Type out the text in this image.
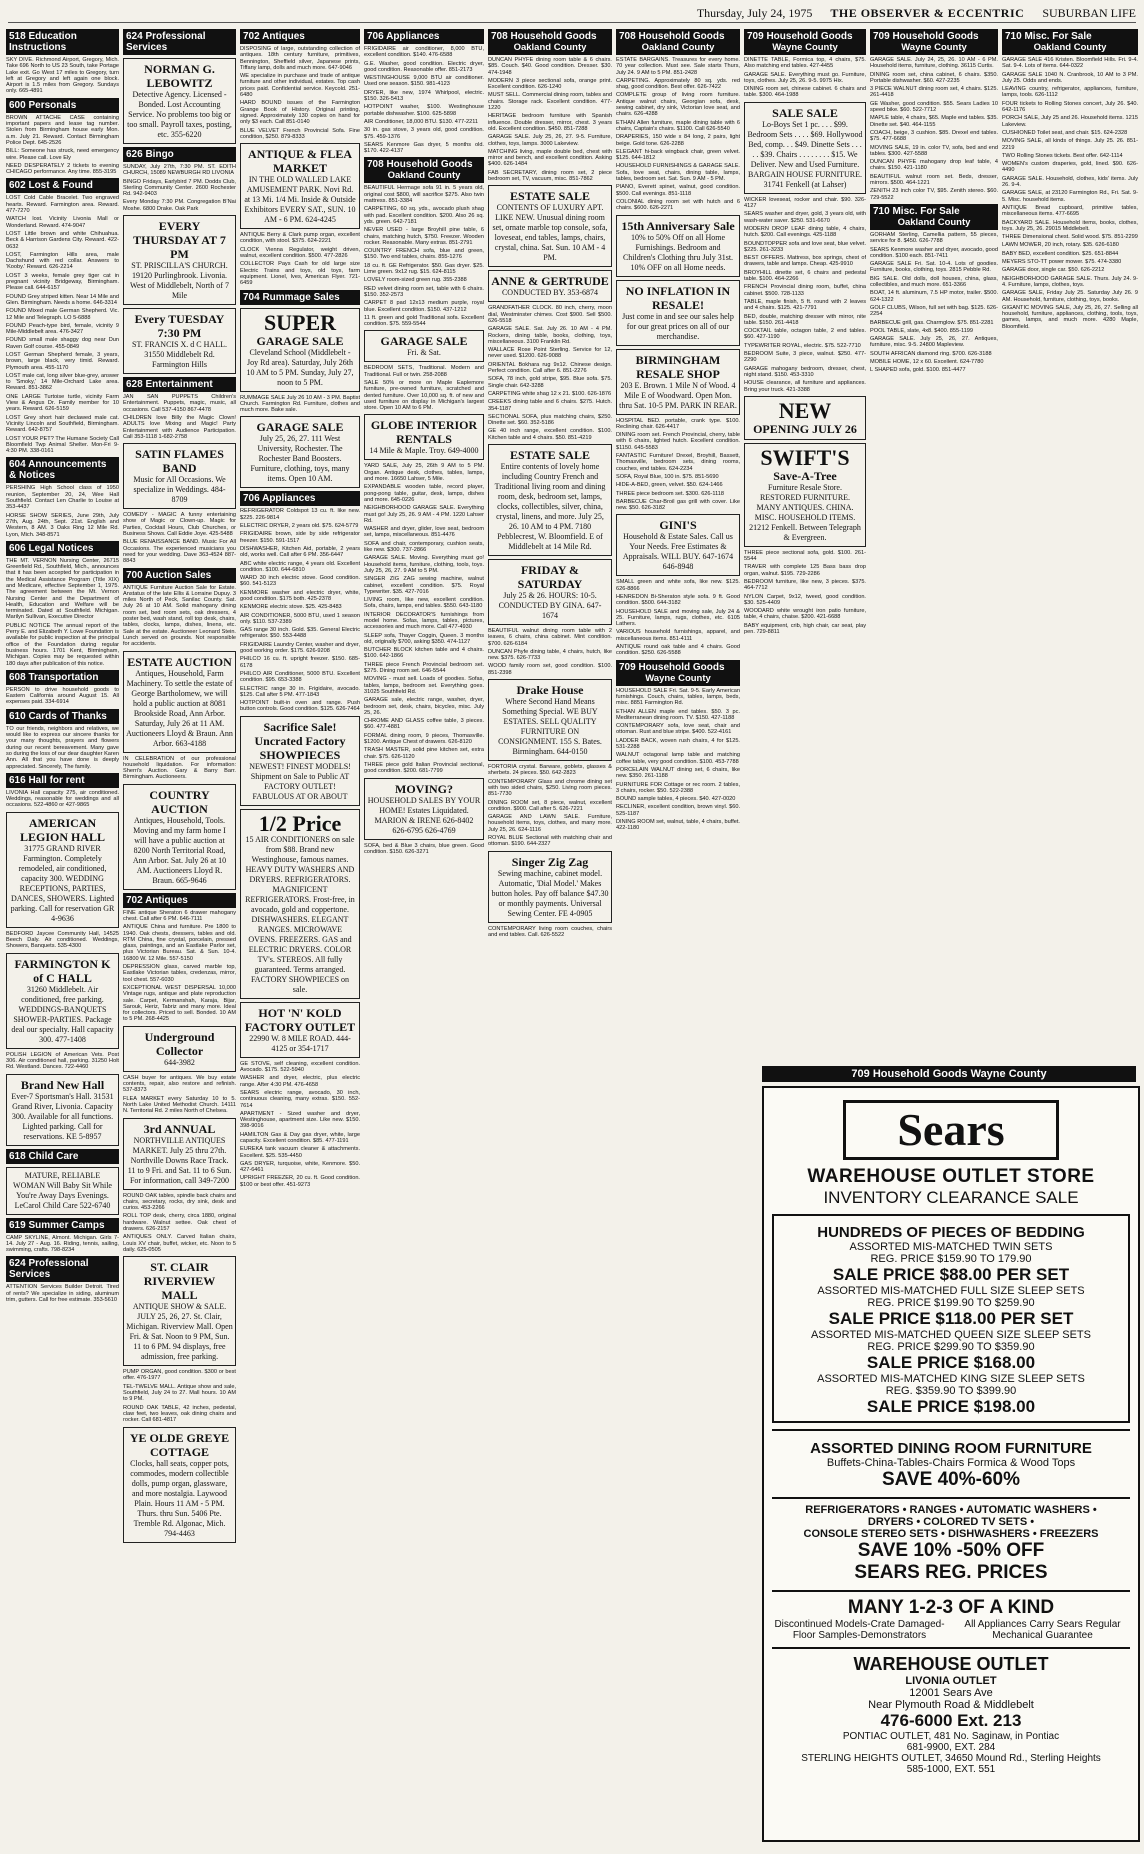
Thursday, July 24, 1975 THE OBSERVER & ECCENTRIC SUBURBAN LIFE
518 Education Instructions
SKY DIVE. Richmond Airport, Gregory, Mich. Take 696 North to US 23 South, take Portage Lake exit. Go West 17 miles to Gregory, turn left at Gregory and left again one block. Airport is 1.5 miles from Gregory. Sundays only. 665-4891
600 Personals
BROWN ATTACHE CASE containing important papers and lease tag number. Stolen from Birmingham house early Mon. a.m. July 21. Reward. Contact Birmingham Police Dept. 645-2526
BILL: Someone has struck, need emergency wire. Please call. Love Ely
NEED DESPERATELY 2 tickets to evening CHICAGO performance. Any time. 855-3195
602 Lost & Found
LOST Cold Cable Bracelet. Two engraved hearts. Reward. Farmington area. Reward. 477-7270
WATCH lost. Vicinity Livonia Mall or Wonderland. Reward. 474-9047
LOST Little brown and white Chihuahua. Beck & Harrison Gardens City. Reward. 422-0632
LOST, Farmington Hills area, male Dachshund with red collar. Answers to 'Kooby.' Reward. 626-2214
LOST 3 weeks, female grey tiger cat in pregnant vicinity Bridgeway, Birmingham. Please call. 644-6157
FOUND Grey striped kitten. Near 14 Mile and Glen. Birmingham. Needs a home. 646-3314
FOUND Mixed male German Shepherd. Vic. 12 Mile and Telegraph. LO 5-6888
FOUND Peach-type bird, female, vicinity 9 Mile-Middlebelt area. 476-3427
FOUND small male shaggy dog near Dun Raven Golf course. 455-0849
LOST German Shepherd female, 3 years, brown, large black, very timid. Reward. Plymouth area. 455-1170
LOST male cat, long silver blue-grey, answer to 'Smoky,' 14 Mile-Orchard Lake area. Reward. 851-3862
ONE LARGE Turtoise turtle, vicinity Farm View & Angus Dr. Family member for 10 years. Reward. 626-5159
LOST Grey short hair declawed male cat. Vicinity Lincoln and Southfield, Birmingham. Reward. 642-8757
LOST YOUR PET? The Humane Society Call Bloomfield Twp Animal Shelter. Mon-Fri 9-4:30 PM. 338-0161
604 Announcements & Notices
PERSHING High School class of 1950 reunion, September 20, 24, Wee Hall Southfield. Contact Len Charlie to Louise at 353-4437
HORSE SHOW SERIES, June 29th, July 27th, Aug. 24th, Sept. 21st. English and Western, 8 AM. 3 Oaks Ring 12 Mile Rd. Lyon, Mich. 348-8571
606 Legal Notices
THE MT. VERNON Nursing Center, 26715 Greenfield Rd., Southfield, Mich., announces that it has been accepted for participation in the Medical Assistance Program (Title XIX) and Medicare, effective September 1, 1975. The agreement between the Mt. Vernon Nursing Center and the Department of Health, Education and Welfare will be terminated. Dated at Southfield. Michigan. Marilyn Sullivan, Executive Director
PUBLIC NOTICE The annual report of the Perry E. and Elizabeth Y. Lowe Foundation is available for public inspection at the principal office of the Foundation during regular business hours. 1701 Kent, Birmingham, Michigan. Copies may be requested within 180 days after publication of this notice.
608 Transportation
PERSON to drive household goods to Eastern California around August 15. All expenses paid. 334-6914
610 Cards of Thanks
TO our friends, neighbors and relatives, we would like to express our sincere thanks for your many thoughts, prayers and flowers during our recent bereavement. Many gave so during the loss of our dear daughter Karen Ann. All that you have done is deeply appreciated. Sincerely, The family.
616 Hall for rent
LIVONIA Hall capacity 275, air conditioned. Weddings, reasonable for weddings and all occasions. 522-4860 or 427-9865
AMERICAN LEGION HALL
31775 GRAND RIVER Farmington. Completely remodeled, air conditioned, capacity 300. WEDDING RECEPTIONS, PARTIES, DANCES, SHOWERS. Lighted parking. Call for reservation GR 4-9636
BEDFORD Jaycee Community Hall, 14525 Beech Daly. Air conditioned. Weddings, Showers, Banquets. 535-4300
FARMINGTON K of C HALL
31260 Middlebelt. Air conditioned, free parking. WEDDINGS-BANQUETS SHOWER-PARTIES. Package deal our specialty. Hall capacity 300. 477-1408
POLISH LEGION of American Vets. Post 306. Air conditioned hall, parking. 31250 Holt Rd. Westland. Dances. 722-4460
Brand New Hall
Ever-7 Sportsman's Hall. 31531 Grand River, Livonia. Capacity 300. Available for all functions. Lighted parking. Call for reservations. KE 5-8957
618 Child Care
MATURE, RELIABLE WOMAN Will Baby Sit While You're Away Days Evenings. LeCarol Child Care 522-6740
619 Summer Camps
CAMP SKYLINE, Almont. Michigan. Girls 7-14. July 27 - Aug. 16. Riding, tennis, sailing, swimming, crafts. 798-8234
624 Professional Services
ATTENTION Services Builder Detroit. Tired of rents? We specialize in siding, aluminum trim, gutters. Call for free estimate. 353-5610
624 Professional Services
NORMAN G. LEBOWITZ
Detective Agency. Licensed - Bonded. Lost Accounting Service. No problems too big or too small. Payroll taxes, posting, etc. 355-6220
626 Bingo
SUNDAY, July 27th, 7:30 PM. ST. EDITH CHURCH, 15089 NEWBURGH RD LIVONIA
BINGO Fridays, Earlybird 7 PM. Dodds Club, Sterling Community Center. 2600 Rochester Rd. 942-9403
Every Monday 7:30 PM. Congregation B'Nai Moshe. 6800 Drake. Oak Park
EVERY THURSDAY AT 7 PM
ST. PRISCILLA'S CHURCH. 19120 Purlingbrook. Livonia. West of Middlebelt, North of 7 Mile
Every TUESDAY 7:30 PM
ST. FRANCIS X. d C HALL. 31550 Middlebelt Rd. Farmington Hills
628 Entertainment
JAN SAN PUPPETS Children's Entertainment. Puppets, magic, music, all occasions. Call 537-4150 867-4478
CHILDREN love Billy the Magic Clown! ADULTS love Mixing and Magic! Party Entertainment with Audience Participation. Call 353-1118 1-682-2758
SATIN FLAMES BAND
Music for All Occasions. We specialize in Weddings. 484-8709
COMEDY - MAGIC A funny entertaining show of Magic or Clown-up. Magic for Parties, Cocktail Hours, Club Churches, or Business Shows. Call Eddie Joye. 425-5488
BLUE RENAISSANCE BAND. Music For All Occasions. The experienced musicians you need for your wedding. Dave 363-4524 887-8843
700 Auction Sales
ANTIQUE Furniture Auction Sale for Estate. Anstatus of the late Ellis & Lorraine Dupuy. 3 miles North of Peck, Sanilac County. Sat. July 26 at 10 AM. Solid mahogany dining room set, bed room sets, oak dressers, 4 poster bed, wash stand, roll top desk, chairs, tables, clocks, lamps, dishes, linens, etc. Sale at the estate. Auctioneer Leonard Stein. Lunch served on grounds. Not responsible for accidents.
ESTATE AUCTION
Antiques, Household, Farm Machinery. To settle the estate of George Bartholomew, we will hold a public auction at 8081 Brookside Road, Ann Arbor. Saturday, July 26 at 11 AM. Auctioneers Lloyd & Braun. Ann Arbor. 663-4188
IN CELEBRATION of our professional household liquidation. For information: Sherri's Auction. Gary & Barry Barr. Birmingham. Auctioneers.
COUNTRY AUCTION
Antiques, Household, Tools. Moving and my farm home I will have a public auction at 8200 North Territorial Road, Ann Arbor. Sat. July 26 at 10 AM. Auctioneers Lloyd R. Braun. 665-9646
702 Antiques
FINE antique Sheraton 6 drawer mahogany chest. Call after 6 PM. 646-7111
ANTIQUE China and furniture. Pre 1800 to 1940. Oak chests, dressers, tables and old. RTM China, fine crystal, porcelain, pressed glass, paintings, and an Eastlake Parlor set, plus Victorian Bureau. Sat. & Sun. 10-4. 16800 W. 12 Mile. 557-5150
DEPRESSION glass, carved marble top, Eastlake Victorian tables, credenzas, mirror, tool chest. 557-6030
EXCEPTIONAL WEST DISPERSAL 10,000 Vintage rugs, antique and plate reproduction sale. Carpet, Kermanshah, Karaja, Bijar, Sarouk, Heriz, Tabriz and many more. Ideal for collectors. Priced to sell. Bonded. 10 AM to 5 PM. 268-4425
Underground Collector
644-3982
CASH buyer for antiques. We buy estate contents, repair, also restore and refinish. 537-8373
FLEA MARKET every Saturday 10 to 5. North Lake United Methodist Church. 14111 N. Territorial Rd. 2 miles North of Chelsea.
3rd ANNUAL
NORTHVILLE ANTIQUES MARKET. July 25 thru 27th. Northville Downs Race Track. 11 to 9 Fri. and Sat. 11 to 6 Sun. For information, call 349-7200
ROUND OAK tables, spindle back chairs and chairs, secretary, rocks, dry sink, desk and curios. 453-2266
ROLL TOP desk, cherry, circa 1880, original hardware. Walnut settee. Oak chest of drawers. 626-2157
ANTIQUES ONLY. Carved Italian chairs, Louis XV chair, buffet, wicker, etc. Noon to 5 daily. 625-0505
ST. CLAIR RIVERVIEW MALL
ANTIQUE SHOW & SALE. JULY 25, 26, 27. St. Clair, Michigan. Riverview Mall. Open Fri. & Sat. Noon to 9 PM, Sun. 11 to 6 PM. 94 displays, free admission, free parking.
PUMP ORGAN, good condition. $300 or best offer. 476-1977
TEL-TWELVE MALL. Antique show and sale, Southfield, July 24 to 27. Mall hours. 10 AM to 9 PM.
ROUND OAK TABLE, 42 inches, pedestal, claw feet, two leaves, oak dining chairs and rocker. Call 681-4817
YE OLDE GREYE COTTAGE
Clocks, hall seats, copper pots, commodes, modern collectible dolls, pump organ, glassware, and more nostalgia. Laywood Plain. Hours 11 AM - 5 PM. Thurs. thru Sun. 5406 Pte. Tremble Rd. Algonac, Mich. 794-4463
702 Antiques
DISPOSING of large, outstanding collection of antiques. 18th century furniture, primitives, Bennington, Sheffield silver, Japanese prints, Tiffany lamp, dolls and much more. 647-9046
WE specialize in purchase and trade of antique furniture and other individual, estates. Top cash prices paid. Confidential service. Keycold. 251-6480
HARD BOUND issues of the Farmington Grange Book of History. Original printing, signed. Approximately 130 copies on hand for only $3 each. Call 851-0140
BLUE VELVET French Provincial Sofa. Fine condition, $250. 879-8333
ANTIQUE & FLEA MARKET
IN THE OLD WALLED LAKE AMUSEMENT PARK. Novi Rd. at 13 Mi. 1/4 Mi. Inside & Outside Exhibitors EVERY SAT., SUN. 10 AM - 6 PM. 624-4245
ANTIQUE Berry & Clark pump organ, excellent condition, with stool. $375. 624-2221
CLOCK Vienna Regulator, weight driven, walnut, excellent condition. $500. 477-2826
COLLECTOR Pays Cash for old large size Electric Trains and toys, old toys, farm equipment. Lionel, Ives, American Flyer. 721-6459
704 Rummage Sales
SUPER
GARAGE SALE
Cleveland School (Middlebelt - Joy Rd area). Saturday, July 26th 10 AM to 5 PM. Sunday, July 27, noon to 5 PM.
RUMMAGE SALE July 26 10 AM - 3 PM. Baptist Church. Farmington Rd. Furniture, clothes and much more. Bake sale.
GARAGE SALE
July 25, 26, 27. 111 West University, Rochester. The Rochester Band Boosters. Furniture, clothing, toys, many items. Open 10 AM.
706 Appliances
REFRIGERATOR Coldspot 13 cu. ft. like new. $225. 226-9814
ELECTRIC DRYER, 2 years old. $75. 624-5779
FRIGIDAIRE brown, side by side refrigerator freezer. $150. 591-1517
DISHWASHER, Kitchen Aid, portable, 2 years old, works well. Call after 6 PM. 356-6447
ABC white electric range, 4 years old. Excellent condition. $100. 644-6810
WARD 30 inch electric stove. Good condition. $60. 541-5123
KENMORE washer and electric dryer, white, good condition. $175 both. 425-2378
KENMORE electric stove. $25. 425-8483
AIR CONDITIONER, 5000 BTU, used 1 season only. $110. 537-2389
GAS range 30 inch. Gold. $35. General Electric refrigerator. $50. 553-4488
FRIGIDAIRE Laundry Center, washer and dryer, good working order. $175. 626-9208
PHILCO 16 cu. ft. upright freezer. $150. 685-6178
PHILCO AIR Conditioner, 5000 BTU. Excellent condition. $95. 653-3388
ELECTRIC range 30 in. Frigidaire, avocado. $125. Call after 5 PM. 477-1843
HOTPOINT built-in oven and range. Push button controls. Good condition. $125. 626-7464
Sacrifice Sale! Uncrated Factory SHOWPIECES
NEWEST! FINEST MODELS! Shipment on Sale to Public AT FACTORY OUTLET! FABULOUS AT OR ABOUT
1/2 Price
15 AIR CONDITIONERS on sale from $88. Brand new Westinghouse, famous names. HEAVY DUTY WASHERS AND DRYERS. REFRIGERATORS. MAGNIFICENT REFRIGERATORS. Frost-free, in avocado, gold and coppertone. DISHWASHERS. ELEGANT RANGES. MICROWAVE OVENS. FREEZERS. GAS and ELECTRIC DRYERS. COLOR TV's. STEREOS. All fully guaranteed. Terms arranged. FACTORY SHOWPIECES on sale.
HOT 'N' KOLD FACTORY OUTLET
22990 W. 8 MILE ROAD. 444-4125 or 354-1717
GE STOVE, self cleaning, excellent condition. Avocado. $175. 522-5940
WASHER and dryer, electric, plus electric range. After 4:30 PM. 476-4658
SEARS electric range, avocado, 30 inch, continuous cleaning, many extras. $150. 552-7614
APARTMENT - Sized washer and dryer, Westinghouse, apartment size. Like new. $150. 398-9016
HAMILTON Gas & Day gas dryer, white, large capacity. Excellent condition. $85. 477-1191
EUREKA tank vacuum cleaner & attachments. Excellent. $25. 535-4450
GAS DRYER, turquoise, white, Kenmore. $50. 427-6461
UPRIGHT FREEZER, 20 cu. ft. Good condition. $100 or best offer. 451-9273
706 Appliances
FRIGIDAIRE air conditioner, 8,000 BTU, excellent condition. $140. 476-6588
G.E. Washer, good condition. Electric dryer, good condition. Reasonable offer. 851-2173
WESTINGHOUSE 9,000 BTU air conditioner. Used one season. $150. 981-4123
DRYER, like new, 1974 Whirlpool, electric. $150. 326-5413
HOTPOINT washer, $100. Westinghouse portable dishwasher. $100. 625-5898
AIR Conditioner, 18,000 BTU. $130. 477-2211
30 in. gas stove, 3 years old, good condition. $75. 459-1376
SEARS Kenmore Gas dryer, 5 months old. $170. 422-4137
708 Household Goods
Oakland County
BEAUTIFUL Hermage sofa 91 in. 5 years old, original cost $800, will sacrifice $275. Also twin mattress. 851-3384
CARPETING, 60 sq. yds., avocado plush shag with pad. Excellent condition. $200. Also 26 sq. yds. green. 642-7181
NEVER USED - large Broyhill pine table, 6 chairs, matching hutch, $750. Freezer. Wooden rocker. Reasonable. Many extras. 851-2791
COUNTRY FRENCH sofa, blue and green, $150. Two end tables, chairs. 855-1276
18 cu. ft. GE Refrigerator. $50. Gas dryer. $25. Lime green. 9x12 rug. $15. 624-8115
LOVELY room-sized green rug. 355-2388
RED velvet dining room set, table with 6 chairs. $150. 352-2573
CARPET 8 pad 12x13 medium purple, royal blue. Excellent condition. $150. 437-1212
11 ft. green and gold Traditional sofa. Excellent condition. $75. 559-5544
GARAGE SALE
Fri. & Sat.
BEDROOM SETS, Traditional. Modern and Traditional. Full or twin. 258-2088
SALE 50% or more on Maple Eaplemore furniture, pre-owned furniture, scratched and dented furniture. Over 10,000 sq. ft. of new and used furniture on display in Michigan's largest store. Open 10 AM to 6 PM.
GLOBE INTERIOR RENTALS
14 Mile & Maple. Troy. 649-4000
YARD SALE, July 25, 26th 9 AM to 5 PM. Organ. Antique desk, clothes, tables, lamps, and more. 16650 Lahser, 5 Mile.
EXPANDABLE wooden table, record player, pong-pong table, guitar, desk, lamps, dishes and more. 645-0226
NEIGHBORHOOD GARAGE SALE. Everything must go! July 25, 26. 9 AM - 4 PM. 1220 Lahser Rd.
WASHER and dryer, glider, love seat, bedroom set, lamps, miscellaneous. 851-4476
SOFA and chair, contemporary, cushion seats, like new. $300. 737-2866
GARAGE SALE. Moving. Everything must go! Household items, furniture, clothing, tools, toys. July 25, 26, 27. 9 AM to 5 PM.
SINGER ZIG ZAG sewing machine, walnut cabinet, excellent condition. $75. Royal Typewriter. $35. 427-7016
LIVING room, like new, excellent condition. Sofa, chairs, lamps, end tables. $550. 643-1180
INTERIOR DECORATOR'S furnishings from model home. Sofas, lamps, tables, pictures, accessories and much more. Call 477-4930
SLEEP sofa, Thayer Coggin, Queen. 3 months old, originally $700, asking $350. 474-1127
BUTCHER BLOCK kitchen table and 4 chairs. $100. 642-1866
THREE piece French Provincial bedroom set. $275. Dining room set. 646-5544
MOVING - must sell. Loads of goodies. Sofas, tables, lamps, bedroom set. Everything goes. 31025 Southfield Rd.
GARAGE sale, electric range, washer, dryer, bedroom set, desk, chairs, bicycles, misc. July 25, 26.
CHROME AND GLASS coffee table, 3 pieces. $60. 477-4881
FORMAL dining room, 9 pieces, Thomasville. $1200. Antique Chest of drawers. 626-8120
TRASH MASTER, solid pine kitchen set, extra chair. $75. 626-1120
THREE piece gold Italian Provincial sectional, good condition. $200. 681-7799
MOVING?
HOUSEHOLD SALES BY YOUR HOME! Estates Liquidated. MARION & IRENE 626-8402 626-6795 626-4769
SOFA, bed & Blue 3 chairs, blue green. Good condition. $150. 626-3271
708 Household Goods
Oakland County
DUNCAN PHYFE dining room table & 6 chairs. $85. Couch. $40. Good condition. Dresser. $30. 474-1948
MODERN 3 piece sectional sofa, orange print. Excellent condition. 626-1240
MUST SELL. Commercial dining room, tables and chairs. Storage rack. Excellent condition. 477-1220
HERITAGE bedroom furniture with Spanish influence. Double dresser, mirror, chest. 3 years old. Excellent condition. $450. 851-7288
GARAGE SALE. July 25, 26, 27. 9-5. Furniture, clothes, toys, lamps. 3000 Lakeview.
MATCHING living, maple double bed, chest with mirror and bench, and excellent condition. Asking $400. 626-1484
FAB SECRETARY, dining room set, 2 piece bedroom set, TV, vacuum, misc. 851-7862
ESTATE SALE
CONTENTS OF LUXURY APT. LIKE NEW. Unusual dining room set, ornate marble top console, sofa, loveseat, end tables, lamps, chairs, crystal, china. Sat. Sun. 10 AM - 4 PM.
ANNE & GERTRUDE
CONDUCTED BY. 353-6874
GRANDFATHER CLOCK. 80 inch, cherry, moon dial, Westminster chimes. Cost $900. Sell $500. 626-5518
GARAGE SALE. Sat. July 26. 10 AM - 4 PM. Rockers, dining table, books, clothing, toys, miscellaneous. 3100 Franklin Rd.
WALLACE Rose Point Sterling. Service for 12, never used. $1200. 626-9088
ORIENTAL Bokhara rug 9x12. Chinese design. Perfect condition. Call after 6. 851-2276
SOFA, 78 inch, gold stripe, $95. Blue sofa. $75. Single chair. 642-3288
CARPETING white shag 12 x 21. $100. 626-1876
CREEKS dining table and 6 chairs. $275. Hutch. 354-1187
SECTIONAL SOFA, plus matching chairs, $250. Dinette set. $60. 352-5186
GE 40 inch range, excellent condition. $100. Kitchen table and 4 chairs. $50. 851-4219
ESTATE SALE
Entire contents of lovely home including Country French and Traditional living room and dining room, desk, bedroom set, lamps, clocks, collectibles, silver, china, crystal, linens, and more. July 25, 26. 10 AM to 4 PM. 7180 Pebblecrest, W. Bloomfield. E of Middlebelt at 14 Mile Rd.
FRIDAY & SATURDAY
July 25 & 26. HOURS: 10-5. CONDUCTED BY GINA. 647-1674
BEAUTIFUL walnut dining room table with 2 leaves, 6 chairs, china cabinet. Mint condition. $700. 626-6184
DUNCAN Phyfe dining table, 4 chairs, hutch, like new. $375. 626-7733
WOOD family room set, good condition. $100. 851-2398
Drake House
Where Second Hand Means Something Special. WE BUY ESTATES. SELL QUALITY FURNITURE ON CONSIGNMENT. 155 S. Bates. Birmingham. 644-0150
FORTORIA crystal. Barware, goblets, glasses & sherbets. 24 pieces. $50. 642-2823
CONTEMPORARY Glass and chrome dining set with two sided chairs, $250. Living room pieces. 851-7730
DINING ROOM set, 8 piece, walnut, excellent condition. $900. Call after 5. 626-7221
GARAGE AND LAWN SALE. Furniture, household items, toys, clothes, and many more. July 25, 26. 624-1116
ROYAL BLUE Sectional with matching chair and ottoman. $190. 644-2327
Singer Zig Zag
Sewing machine, cabinet model. Automatic, 'Dial Model.' Makes button holes. Pay off balance $47.30 or monthly payments. Universal Sewing Center. FE 4-0905
CONTEMPORARY living room couches, chairs and end tables. Call. 626-5522
708 Household Goods
Oakland County
ESTATE BARGAINS. Treasures for every home. 70 year collection. Must see. Sale starts Thurs, July 24. 9 AM to 5 PM. 851-2428
CARPETING. Approximately 80 sq. yds. red shag, good condition. Best offer. 626-7422
COMPLETE group of living room furniture. Antique walnut chairs, Georgian sofa, desk, sewing cabinet, dry sink, Victorian love seat, and chairs. 626-4288
ETHAN Allen furniture, maple dining table with 6 chairs, Captain's chairs. $1100. Call 626-5540
DRAPERIES, 150 wide x 84 long, 2 pairs, light beige. Gold tone. 626-2288
ELEGANT hi-back wingback chair, green velvet. $125. 644-1812
HOUSEHOLD FURNISHINGS & GARAGE SALE. Sofa, love seat, chairs, dining table, lamps, tables, bedroom set. Sat. Sun. 9 AM - 5 PM.
PIANO, Everett spinet, walnut, good condition. $500. Call evenings. 851-1118
COLONIAL dining room set with hutch and 6 chairs. $600. 626-2271
15th Anniversary Sale
10% to 50% Off on all Home Furnishings. Bedroom and Children's Clothing thru July 31st. 10% OFF on all Home needs.
NO INFLATION IN RESALE!
Just come in and see our sales help for our great prices on all of our merchandise.
BIRMINGHAM RESALE SHOP
203 E. Brown. 1 Mile N of Wood. 4 Mile E of Woodward. Open Mon. thru Sat. 10-5 PM. PARK IN REAR.
HOSPITAL BED. portable, crank type. $100. Reclining chair. 626-4417
DINING room set. French Provincial, cherry, table with 6 chairs, lighted hutch. Excellent condition. $1150. 645-5583
FANTASTIC Furniture! Drexel, Broyhill, Bassett, Thomasville, bedroom sets, dining rooms, couches, end tables. 624-2234
SOFA, Royal Blue, 100 in. $75. 851-5690
HIDE-A-BED, green, velvet. $50. 624-1466
THREE piece bedroom set. $300. 626-1118
BARBECUE Char-Broil gas grill with cover. Like new. $50. 626-3182
GINI'S
Household & Estate Sales. Call us Your Needs. Free Estimates & Appraisals. WILL BUY. 647-1674 646-8948
SMALL green and white sofa, like new. $125. 626-8866
HENREDON Bi-Sheraton style sofa. 9 ft. Good condition. $500. 644-3182
HOUSEHOLD SALE and moving sale, July 24 & 25. Furniture, lamps, rugs, clothes, etc. 6105 Lathers.
VARIOUS household furnishings, apparel, and miscellaneous items. 851-4111
ANTIQUE round oak table and 4 chairs. Good condition. $250. 626-5588
709 Household Goods
Wayne County
HOUSEHOLD SALE Fri. Sat. 9-5. Early American furnishings. Couch, chairs, tables, lamps, beds, misc. 8851 Farmington Rd.
ETHAN ALLEN maple end tables. $50. 3 pc. Mediterranean dining room. TV. $150. 427-1188
CONTEMPORARY sofa, love seat, chair and ottoman. Rust and blue stripe. $400. 522-4161
LADDER BACK, woven rush chairs, 4 for $125. 531-2288
WALNUT octagonal lamp table and matching coffee table, very good condition. $100. 453-7788
PORCELAIN WALNUT dining set, 6 chairs, like new. $350. 261-1188
FURNITURE FOR Cottage or rec room. 2 tables, 3 chairs, rocker. $50. 522-2388
BOUND sample tables, 4 pieces. $40. 427-0020
RECLINER, excellent condition, brown vinyl. $60. 525-1187
DINING ROOM set, walnut, table, 4 chairs, buffet. 422-1180
709 Household Goods
Wayne County
DINETTE TABLE, Formica top, 4 chairs, $75. Also matching end tables. 427-4455
GARAGE SALE. Everything must go. Furniture, toys, clothes. July 25, 26. 9-5. 9975 Hix.
DINING room set, chinese cabinet. 6 chairs and table. $300. 464-1988
SALE SALE
Lo-Boys Set 1 pc. . . . $99. Bedroom Sets . . . . $69. Hollywood Bed, comp. . . $49. Dinette Sets . . . . . $39. Chairs . . . . . . . . $15. We Deliver. New and Used Furniture. BARGAIN HOUSE FURNITURE. 31741 Fenkell (at Lahser)
WICKER loveseat, rocker and chair. $90. 326-4127
SEARS washer and dryer, gold, 3 years old, with wash-water saver. $250. 531-6670
MODERN DROP LEAF dining table, 4 chairs, hutch. $200. Call evenings. 425-1188
BOUNDTOPPER sofa and love seat, blue velvet. $225. 261-3233
BEST OFFERS. Mattress, box springs, chest of drawers, table and lamps. Cheap. 425-9910
BROYHILL dinette set, 6 chairs and pedestal table. $100. 464-2266
FRENCH Provincial dining room, buffet, china cabinet. $500. 728-1133
TABLE, maple finish, 5 ft. round with 2 leaves and 4 chairs. $125. 421-7791
BED, double, matching dresser with mirror, nite table. $150. 261-4418
COCKTAIL table, octagon table, 2 end tables. $60. 427-1190
TYPEWRITER ROYAL, electric. $75. 522-7710
BEDROOM Suite, 3 piece, walnut. $250. 477-2290
GARAGE mahogany bedroom, dresser, chest, night stand. $150. 453-3310
HOUSE clearance, all furniture and appliances. Bring your truck. 421-3388
NEW
OPENING JULY 26
SWIFT'S
Save-A-Tree
Furniture Resale Store. RESTORED FURNITURE. MANY ANTIQUES. CHINA. MISC. HOUSEHOLD ITEMS. 21212 Fenkell. Between Telegraph & Evergreen.
THREE piece sectional sofa, gold. $100. 261-5544
TRAVER with complete 125 Bass bass drop organ, walnut. $195. 729-2286
BEDROOM furniture, like new, 3 pieces. $375. 464-7712
NYLON Carpet, 9x12, tweed, good condition. $30. 525-4409
WOODARD white wrought iron patio furniture, table, 4 chairs, chaise. $200. 421-6688
BABY equipment, crib, high chair, car seat, play pen. 729-8811
709 Household Goods
Wayne County
GARAGE SALE. July 24, 25, 26. 10 AM - 6 PM. Household items, furniture, clothing. 36115 Curtis.
DINING room set, china cabinet, 6 chairs. $350. Portable dishwasher. $60. 427-2235
3 PIECE WALNUT dining room set, 4 chairs. $125. 261-4418
GE Washer, good condition. $55. Sears Ladies 10 speed bike. $60. 522-7712
MAPLE table, 4 chairs, $65. Maple end tables. $35. Dinette set. $40. 464-1155
COACH, beige, 3 cushion. $85. Drexel end tables. $75. 477-6688
MOVING SALE, 19 in. color TV, sofa, bed and end tables. $300. 427-5588
DUNCAN PHYFE mahogany drop leaf table, 4 chairs. $150. 421-1180
BEAUTIFUL walnut room set. Beds, dresser, mirrors. $500. 464-1221
ZENITH 23 inch color TV, $95. Zenith stereo. $60. 729-5522
710 Misc. For Sale
Oakland County
GORHAM Sterling, Camellia pattern, 55 pieces, service for 8. $450. 626-7788
SEARS Kenmore washer and dryer, avocado, good condition. $100 each. 851-7411
GARAGE SALE Fri. Sat. 10-4. Lots of goodies. Furniture, books, clothing, toys. 2815 Pebble Rd.
BIG SALE. Old dolls, doll houses, china, glass, collectibles, and much more. 651-3366
BOAT, 14 ft. aluminum, 7.5 HP motor, trailer. $500. 624-1322
GOLF CLUBS, Wilson, full set with bag. $125. 626-2254
BARBECUE grill, gas. Charmglow. $75. 851-2281
POOL TABLE, slate, 4x8. $400. 855-1199
GARAGE SALE. July 25, 26, 27. Antiques, furniture, misc. 9-5. 24800 Mapleview.
SOUTH AFRICAN diamond ring. $700. 626-3188
MOBILE HOME, 12 x 60. Excellent. 624-7780
L SHAPED sofa, gold. $100. 851-4477
710 Misc. For Sale
Oakland County
GARAGE SALE 416 Kristen. Bloomfield Hills. Fri. 9-4. Sat. 9-4. Lots of items. 644-0322
GARAGE SALE 1040 N. Cranbrook, 10 AM to 3 PM. July 25. Odds and ends.
LEAVING country, refrigerator, appliances, furniture, lamps, tools. 626-1112
FOUR tickets to Rolling Stones concert, July 26. $40. 642-1176
PORCH SALE, July 25 and 26. Household items. 1215 Lakeview.
CUSHIONED Toilet seat, and chair. $15. 624-2328
MOVING SALE, all kinds of things. July 25. 26. 851-2219
TWO Rolling Stones tickets. Best offer. 642-1114
WOMEN's custom draperies, gold, lined. $90. 626-4490
GARAGE SALE. Household, clothes, kids' items. July 26. 9-4.
GARAGE SALE, at 23120 Farmington Rd., Fri. Sat. 9-5. Misc. household items.
ANTIQUE Bread cupboard, primitive tables, miscellaneous items. 477-6695
BACKYARD SALE. Household items, books, clothes, toys. July 25, 26. 29015 Middlebelt.
THREE Dimensional chest. Solid wood. $75. 851-2299
LAWN MOWER, 20 inch, rotary. $35. 626-6180
BABY BED, excellent condition. $25. 651-8844
MEYERS STO-TT power mower. $75. 474-3380
GARAGE door, single car. $50. 626-2212
NEIGHBORHOOD GARAGE SALE. Thurs. July 24. 9-4. Furniture, lamps, clothes, toys.
GARAGE SALE, Friday July 25. Saturday July 26. 9 AM. Household, furniture, clothing, toys, books.
GIGANTIC MOVING SALE, July 25, 26, 27. Selling all household, furniture, appliances, clothing, tools, toys, games, lamps, and much more. 4280 Maple, Bloomfield.
709 Household Goods Wayne County
Sears
WAREHOUSE OUTLET STORE
INVENTORY CLEARANCE SALE
HUNDREDS OF PIECES OF BEDDING
ASSORTED MIS-MATCHED TWIN SETS
REG. PRICE $159.90 TO 179.90
SALE PRICE $88.00 PER SET
ASSORTED MIS-MATCHED FULL SIZE SLEEP SETS
REG. PRICE $199.90 TO $259.90
SALE PRICE $118.00 PER SET
ASSORTED MIS-MATCHED QUEEN SIZE SLEEP SETS
REG. PRICE $299.90 TO $359.90
SALE PRICE $168.00
ASSORTED MIS-MATCHED KING SIZE SLEEP SETS
REG. $359.90 TO $399.90
SALE PRICE $198.00
ASSORTED DINING ROOM FURNITURE
Buffets-China-Tables-Chairs Formica & Wood Tops
SAVE 40%-60%
REFRIGERATORS • RANGES • AUTOMATIC WASHERS •
DRYERS • COLORED TV SETS •
CONSOLE STEREO SETS • DISHWASHERS • FREEZERS
SAVE 10% -50% OFF
SEARS REG. PRICES
MANY 1-2-3 OF A KIND
Discontinued Models-Crate Damaged-Floor Samples-Demonstrators
All Appliances Carry Sears Regular Mechanical Guarantee
WAREHOUSE OUTLET
LIVONIA OUTLET
12001 Sears Ave
Near Plymouth Road & Middlebelt
476-6000 Ext. 213
PONTIAC OUTLET, 481 No. Saginaw, in Pontiac
681-9900, EXT. 284
STERLING HEIGHTS OUTLET, 34650 Mound Rd., Sterling Heights
585-1000, EXT. 551
